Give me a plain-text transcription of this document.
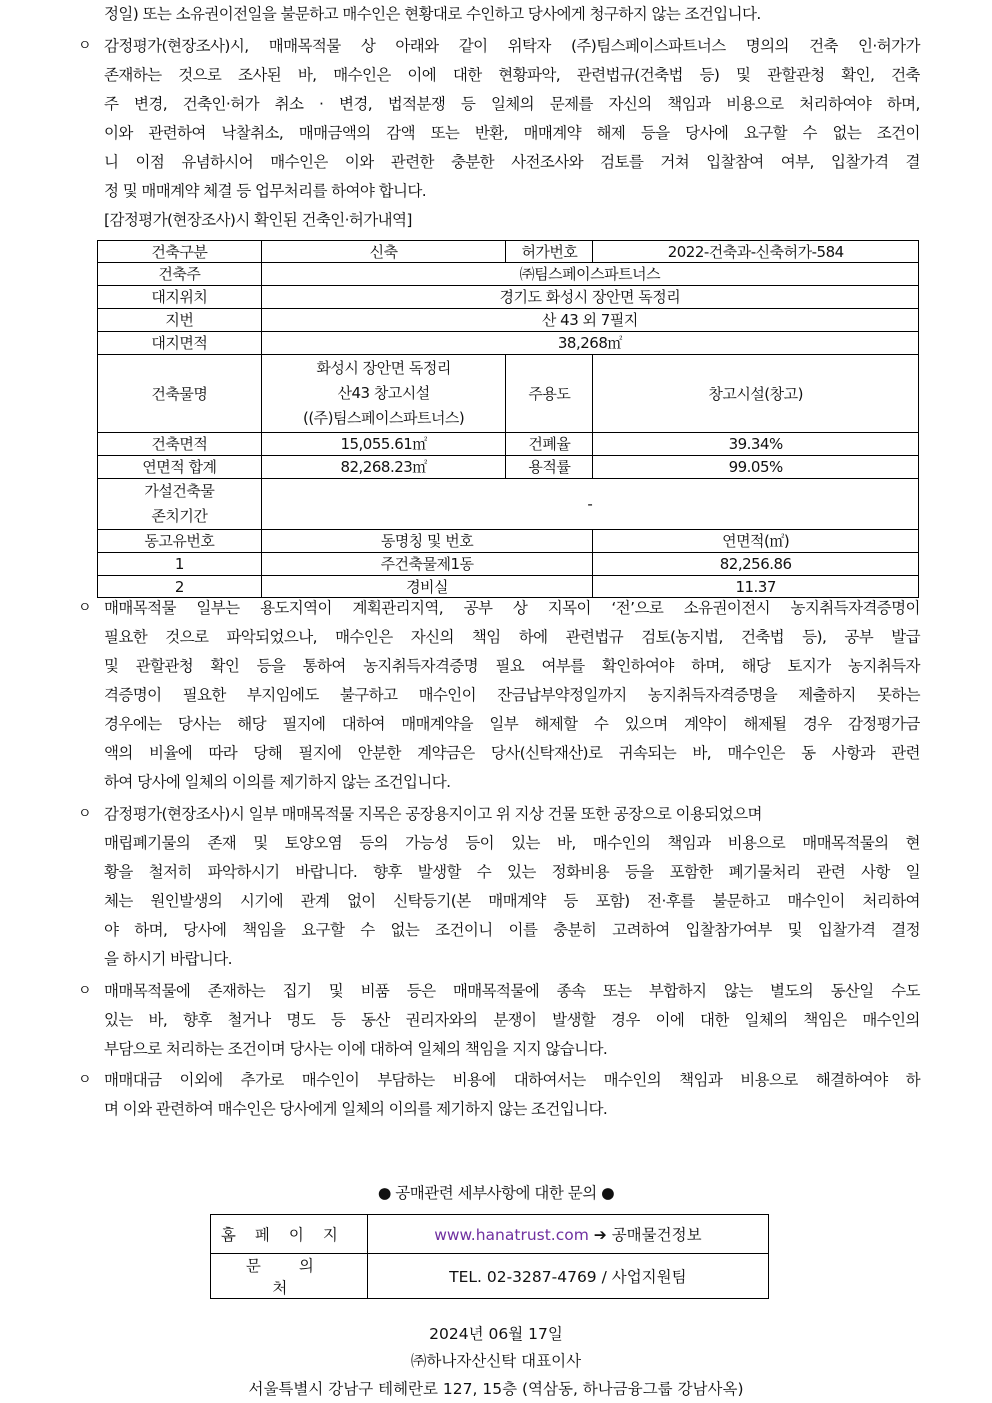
정일) 또는 소유권이전일을 불문하고 매수인은 현황대로 수인하고 당사에게 청구하지 않는 조건입니다.
ㅇ 감정평가(현장조사)시, 매매목적물 상 아래와 같이 위탁자 (주)팀스페이스파트너스 명의의 건축 인·허가가
존재하는 것으로 조사된 바, 매수인은 이에 대한 현황파악, 관련법규(건축법 등) 및 관할관청 확인, 건축
주 변경, 건축인·허가 취소 · 변경, 법적분쟁 등 일체의 문제를 자신의 책임과 비용으로 처리하여야 하며,
이와 관련하여 낙찰취소, 매매금액의 감액 또는 반환, 매매계약 해제 등을 당사에 요구할 수 없는 조건이
니 이점 유념하시어 매수인은 이와 관련한 충분한 사전조사와 검토를 거쳐 입찰참여 여부, 입찰가격 결
정 및 매매계약 체결 등 업무처리를 하여야 합니다.
[감정평가(현장조사)시 확인된 건축인·허가내역]
건축구분	신축	허가번호	2022-건축과-신축허가-584
건축주	㈜팀스페이스파트너스		
대지위치	경기도 화성시 장안면 독정리		
지번	산 43 외 7필지		
대지면적	38,268㎡		
건축물명	화성시 장안면 독정리
산43 창고시설
((주)팀스페이스파트너스)	주용도	창고시설(창고)
건축면적	15,055.61㎡	건폐율	39.34%
연면적 합계	82,268.23㎡	용적률	99.05%

가설건축물
존치기간	-		
동고유번호	동명칭 및 번호		연면적(㎡)
1	주건축물제1동		82,256.86
2	경비실		11.37
ㅇ 매매목적물 일부는 용도지역이 계획관리지역, 공부 상 지목이 ‘전’으로 소유권이전시 농지취득자격증명이
필요한 것으로 파악되었으나, 매수인은 자신의 책임 하에 관련법규 검토(농지법, 건축법 등), 공부 발급
및 관할관청 확인 등을 통하여 농지취득자격증명 필요 여부를 확인하여야 하며, 해당 토지가 농지취득자
격증명이 필요한 부지임에도 불구하고 매수인이 잔금납부약정일까지 농지취득자격증명을 제출하지 못하는
경우에는 당사는 해당 필지에 대하여 매매계약을 일부 해제할 수 있으며 계약이 해제될 경우 감정평가금
액의 비율에 따라 당해 필지에 안분한 계약금은 당사(신탁재산)로 귀속되는 바, 매수인은 동 사항과 관련
하여 당사에 일체의 이의를 제기하지 않는 조건입니다.
ㅇ 감정평가(현장조사)시 일부 매매목적물 지목은 공장용지이고 위 지상 건물 또한 공장으로 이용되었으며
매립폐기물의 존재 및 토양오염 등의 가능성 등이 있는 바, 매수인의 책임과 비용으로 매매목적물의 현
황을 철저히 파악하시기 바랍니다. 향후 발생할 수 있는 정화비용 등을 포함한 폐기물처리 관련 사항 일
체는 원인발생의 시기에 관계 없이 신탁등기(본 매매계약 등 포함) 전·후를 불문하고 매수인이 처리하여
야 하며, 당사에 책임을 요구할 수 없는 조건이니 이를 충분히 고려하여 입찰참가여부 및 입찰가격 결정
을 하시기 바랍니다.
ㅇ 매매목적물에 존재하는 집기 및 비품 등은 매매목적물에 종속 또는 부합하지 않는 별도의 동산일 수도
있는 바, 향후 철거나 명도 등 동산 권리자와의 분쟁이 발생할 경우 이에 대한 일체의 책임은 매수인의
부담으로 처리하는 조건이며 당사는 이에 대하여 일체의 책임을 지지 않습니다.
ㅇ 매매대금 이외에 추가로 매수인이 부담하는 비용에 대하여서는 매수인의 책임과 비용으로 해결하여야 하
며 이와 관련하여 매수인은 당사에게 일체의 이의를 제기하지 않는 조건입니다.
● 공매관련 세부사항에 대한 문의 ●
홈페이지	www.hanatrust.com ➔ 공매물건정보
문의처	TEL. 02-3287-4769 / 사업지원팀
2024년 06월 17일
㈜하나자산신탁 대표이사
서울특별시 강남구 테헤란로 127, 15층 (역삼동, 하나금융그룹 강남사옥)
